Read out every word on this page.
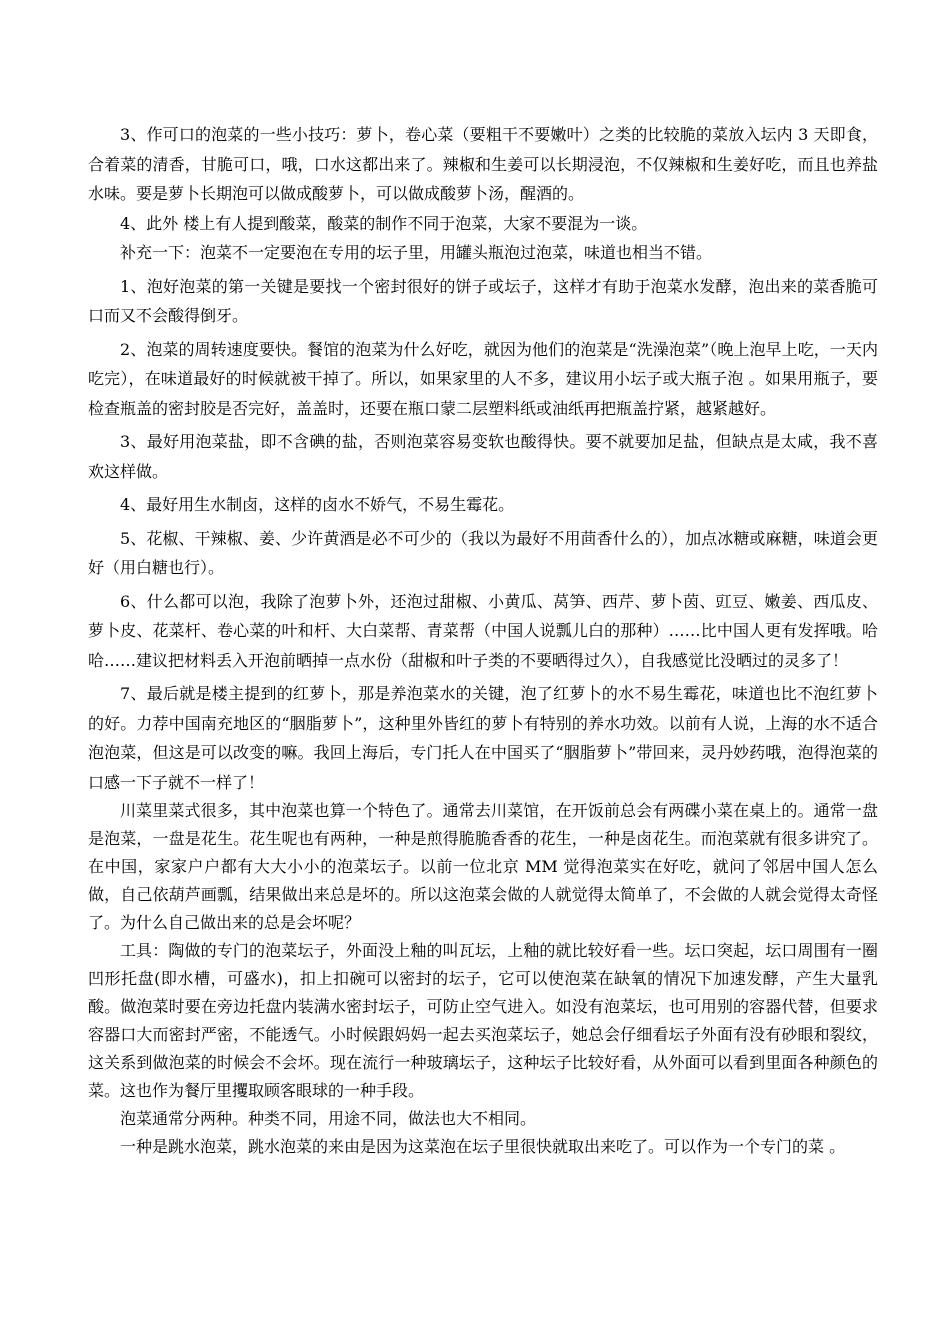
3、作可口的泡菜的一些小技巧：萝卜，卷心菜（要粗干不要嫩叶）之类的比较脆的菜放入坛内 3 天即食，合着菜的清香，甘脆可口，哦，口水这都出来了。辣椒和生姜可以长期浸泡，不仅辣椒和生姜好吃，而且也养盐水味。要是萝卜长期泡可以做成酸萝卜，可以做成酸萝卜汤，醒酒的。

4、此外 楼上有人提到酸菜，酸菜的制作不同于泡菜，大家不要混为一谈。

补充一下：泡菜不一定要泡在专用的坛子里，用罐头瓶泡过泡菜，味道也相当不错。

1、泡好泡菜的第一关键是要找一个密封很好的饼子或坛子，这样才有助于泡菜水发酵，泡出来的菜香脆可口而又不会酸得倒牙。

2、泡菜的周转速度要快。餐馆的泡菜为什么好吃，就因为他们的泡菜是“洗澡泡菜”（晚上泡早上吃，一天内吃完），在味道最好的时候就被干掉了。所以，如果家里的人不多，建议用小坛子或大瓶子泡 。如果用瓶子，要检查瓶盖的密封胶是否完好，盖盖时，还要在瓶口蒙二层塑料纸或油纸再把瓶盖拧紧，越紧越好。

3、最好用泡菜盐，即不含碘的盐，否则泡菜容易变软也酸得快。要不就要加足盐，但缺点是太咸，我不喜欢这样做。

4、最好用生水制卤，这样的卤水不娇气，不易生霉花。

5、花椒、干辣椒、姜、少许黄酒是必不可少的（我以为最好不用茴香什么的），加点冰糖或麻糖，味道会更好（用白糖也行）。

6、什么都可以泡，我除了泡萝卜外，还泡过甜椒、小黄瓜、莴笋、西芹、萝卜茵、豇豆、嫩姜、西瓜皮、萝卜皮、花菜杆、卷心菜的叶和杆、大白菜帮、青菜帮（中国人说瓢儿白的那种）……比中国人更有发挥哦。哈哈……建议把材料丢入开泡前晒掉一点水份（甜椒和叶子类的不要晒得过久），自我感觉比没晒过的灵多了！

7、最后就是楼主提到的红萝卜，那是养泡菜水的关键，泡了红萝卜的水不易生霉花，味道也比不泡红萝卜的好。力荐中国南充地区的“胭脂萝卜”，这种里外皆红的萝卜有特别的养水功效。以前有人说，上海的水不适合泡泡菜，但这是可以改变的嘛。我回上海后，专门托人在中国买了“胭脂萝卜”带回来，灵丹妙药哦，泡得泡菜的口感一下子就不一样了！

川菜里菜式很多，其中泡菜也算一个特色了。通常去川菜馆，在开饭前总会有两碟小菜在桌上的。通常一盘是泡菜，一盘是花生。花生呢也有两种，一种是煎得脆脆香香的花生，一种是卤花生。而泡菜就有很多讲究了。在中国，家家户户都有大大小小的泡菜坛子。以前一位北京 MM 觉得泡菜实在好吃，就问了邻居中国人怎么做，自己依葫芦画瓢，结果做出来总是坏的。所以这泡菜会做的人就觉得太简单了，不会做的人就会觉得太奇怪了。为什么自己做出来的总是会坏呢？

工具：陶做的专门的泡菜坛子，外面没上釉的叫瓦坛，上釉的就比较好看一些。坛口突起，坛口周围有一圈凹形托盘(即水槽，可盛水)，扣上扣碗可以密封的坛子，它可以使泡菜在缺氧的情况下加速发酵，产生大量乳酸。做泡菜时要在旁边托盘内装满水密封坛子，可防止空气进入。如没有泡菜坛，也可用别的容器代替，但要求容器口大而密封严密，不能透气。小时候跟妈妈一起去买泡菜坛子，她总会仔细看坛子外面有没有砂眼和裂纹，这关系到做泡菜的时候会不会坏。现在流行一种玻璃坛子，这种坛子比较好看，从外面可以看到里面各种颜色的菜。这也作为餐厅里攫取顾客眼球的一种手段。

泡菜通常分两种。种类不同，用途不同，做法也大不相同。

一种是跳水泡菜，跳水泡菜的来由是因为这菜泡在坛子里很快就取出来吃了。可以作为一个专门的菜 。
